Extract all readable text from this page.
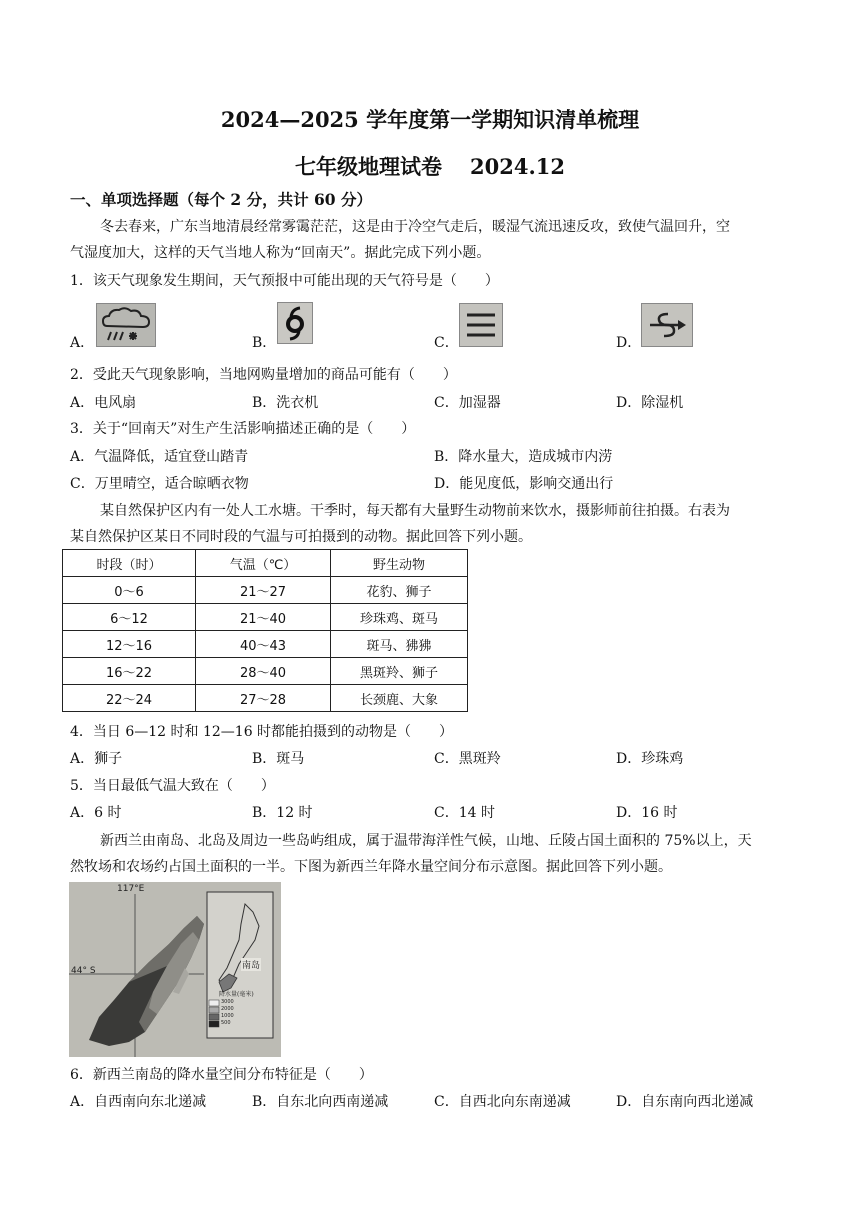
2024—2025 学年度第一学期知识清单梳理
七年级地理试卷 2024.12
一、单项选择题（每个 2 分，共计 60 分）
冬去春来，广东当地清晨经常雾霭茫茫，这是由于冷空气走后，暖湿气流迅速反攻，致使气温回升，空
气湿度加大，这样的天气当地人称为“回南天”。据此完成下列小题。
1．该天气现象发生期间，天气预报中可能出现的天气符号是（　　）
A．	B．	C．	D．
2．受此天气现象影响，当地网购量增加的商品可能有（　　）
A．电风扇	B．洗衣机	C．加湿器	D．除湿机
3．关于“回南天”对生产生活影响描述正确的是（　　）
A．气温降低，适宜登山踏青	B．降水量大，造成城市内涝
C．万里晴空，适合晾晒衣物	D．能见度低，影响交通出行
某自然保护区内有一处人工水塘。干季时，每天都有大量野生动物前来饮水，摄影师前往拍摄。右表为
某自然保护区某日不同时段的气温与可拍摄到的动物。据此回答下列小题。
时段（时）	气温（℃）	野生动物
0～6	21～27	花豹、狮子
6～12	21～40	珍珠鸡、斑马
12～16	40～43	斑马、狒狒
16～22	28～40	黑斑羚、狮子
22～24	27～28	长颈鹿、大象
4．当日 6—12 时和 12—16 时都能拍摄到的动物是（　　）
A．狮子	B．斑马	C．黑斑羚	D．珍珠鸡
5．当日最低气温大致在（　　）
A．6 时	B．12 时	C．14 时	D．16 时
新西兰由南岛、北岛及周边一些岛屿组成，属于温带海洋性气候，山地、丘陵占国土面积的 75%以上，天
然牧场和农场约占国土面积的一半。下图为新西兰年降水量空间分布示意图。据此回答下列小题。
117°E
44° S	南岛
降水量(毫米)
3000
2000
1000
500
6．新西兰南岛的降水量空间分布特征是（　　）
A．自西南向东北递减	B．自东北向西南递减	C．自西北向东南递减	D．自东南向西北递减
